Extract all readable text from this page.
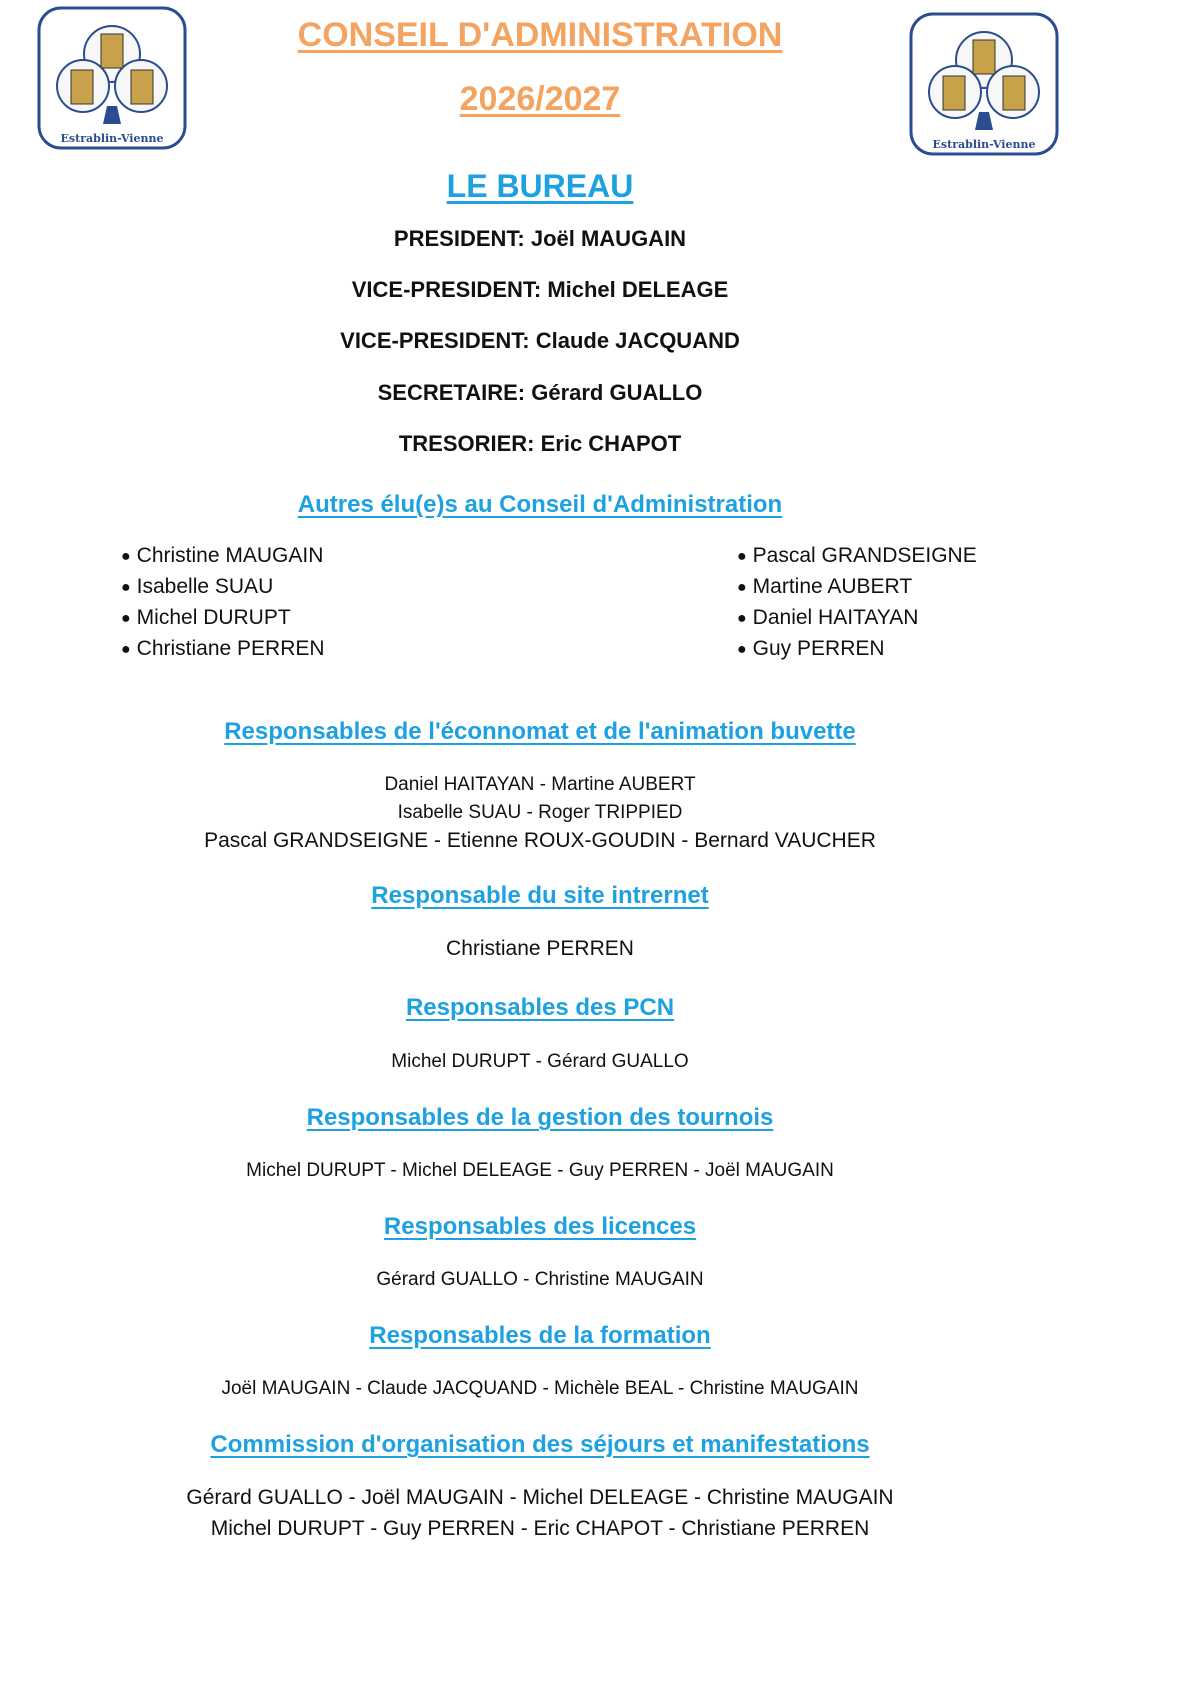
Estrablin-Vienne	Estrablin-Vienne
CONSEIL D'ADMINISTRATION
2026/2027
LE BUREAU
PRESIDENT: Joël MAUGAIN
VICE-PRESIDENT: Michel DELEAGE
VICE-PRESIDENT: Claude JACQUAND
SECRETAIRE: Gérard GUALLO
TRESORIER: Eric CHAPOT
Autres élu(e)s au Conseil d'Administration
● Christine MAUGAIN
● Isabelle SUAU
● Michel DURUPT
● Christiane PERREN
● Pascal GRANDSEIGNE
● Martine AUBERT
● Daniel HAITAYAN
● Guy PERREN
Responsables de l'éconnomat et de l'animation buvette
Daniel HAITAYAN - Martine AUBERT
Isabelle SUAU - Roger TRIPPIED
Pascal GRANDSEIGNE - Etienne ROUX-GOUDIN - Bernard VAUCHER
Responsable du site intrernet
Christiane PERREN
Responsables des PCN
Michel DURUPT - Gérard GUALLO
Responsables de la gestion des tournois
Michel DURUPT - Michel DELEAGE - Guy PERREN - Joël MAUGAIN
Responsables des licences
Gérard GUALLO - Christine MAUGAIN
Responsables de la formation
Joël MAUGAIN - Claude JACQUAND - Michèle BEAL - Christine MAUGAIN
Commission d'organisation des séjours et manifestations
Gérard GUALLO - Joël MAUGAIN - Michel DELEAGE - Christine MAUGAIN
Michel DURUPT - Guy PERREN - Eric CHAPOT - Christiane PERREN
